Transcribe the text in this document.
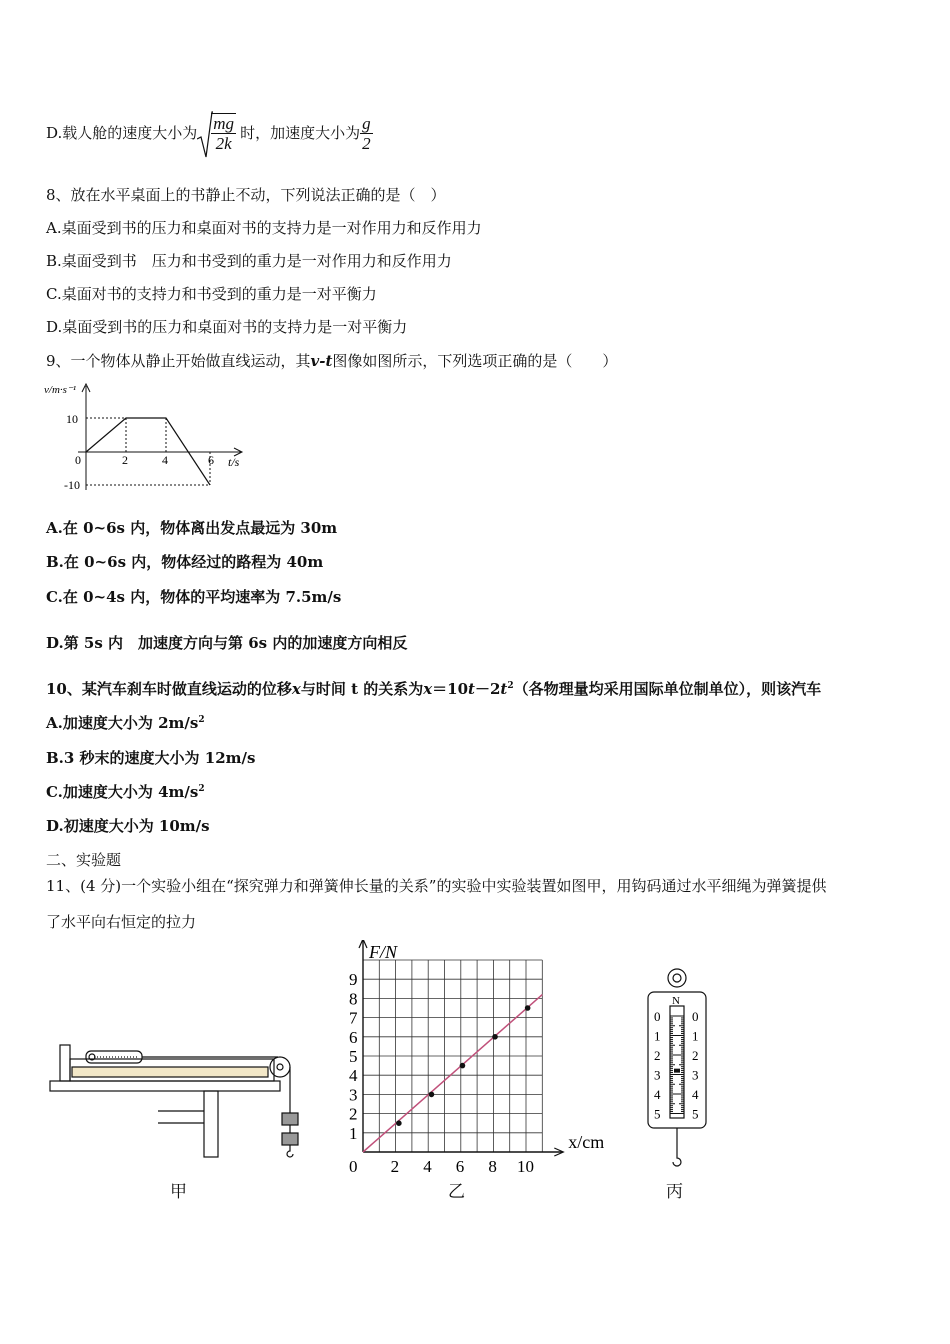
D. 载人舱的速度大小为 $\frac{mg}{2k}$ 时，加速度大小为 $\frac{g}{2}$
8、放在水平桌面上的书静止不动，下列说法正确的是（　）
A.桌面受到书的压力和桌面对书的支持力是一对作用力和反作用力
B.桌面受到书　压力和书受到的重力是一对作用力和反作用力
C.桌面对书的支持力和书受到的重力是一对平衡力
D.桌面受到书的压力和桌面对书的支持力是一对平衡力
9、一个物体从静止开始做直线运动，其v-t图像如图所示，下列选项正确的是（　　）
v/m·s⁻¹
10
0
-10
2	4	6 t/s
A.在 0~6s 内，物体离出发点最远为 30m
B.在 0~6s 内，物体经过的路程为 40m
C.在 0~4s 内，物体的平均速率为 7.5m/s
D.第 5s 内　加速度方向与第 6s 内的加速度方向相反
10、某汽车刹车时做直线运动的位移x与时间 t 的关系为$x=10t-2t^2$（各物理量均采用国际单位制单位），则该汽车
A.加速度大小为 $2m/s^2$
B.3 秒末的速度大小为 12m/s
C.加速度大小为 $4m/s^2$
D.初速度大小为 10m/s
二、实验题
11、(4 分)一个实验小组在“探究弹力和弹簧伸长量的关系”的实验中实验装置如图甲，用钩码通过水平细绳为弹簧提供
了水平向右恒定的拉力
甲
1
2
3
4
5
6
7
8
9
0 2 4 6 8 10
F/N
x/cm
乙
N
0 0
1 1
2 2
3 3
4 4
5 5
丙
